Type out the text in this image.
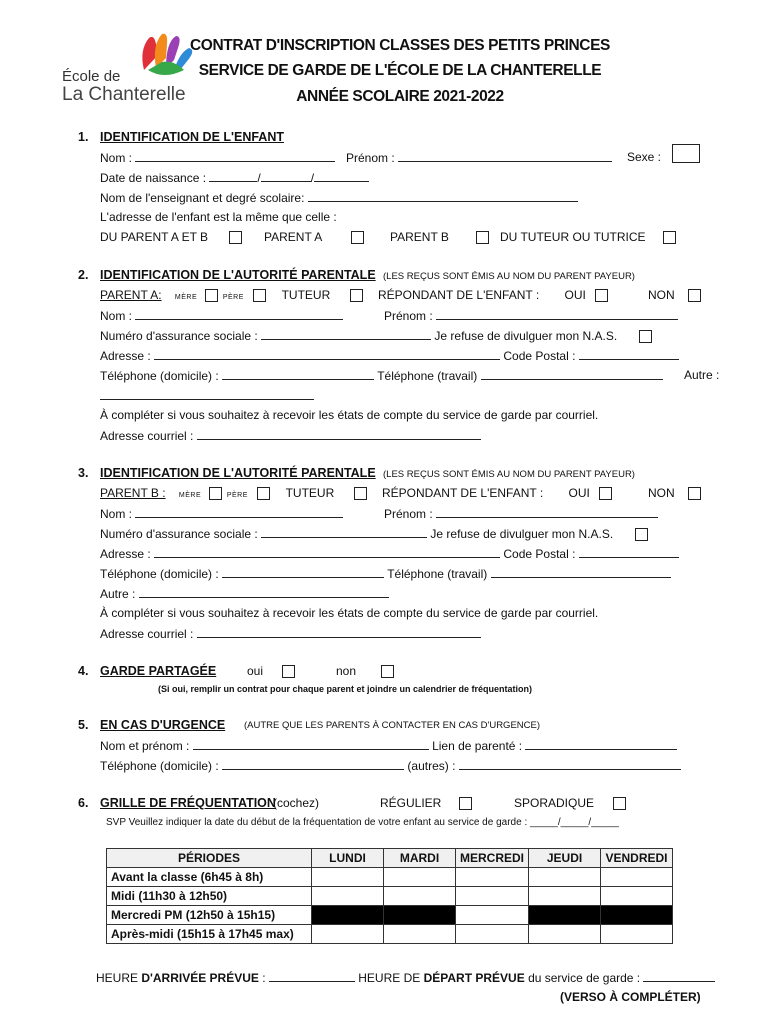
École de
La Chanterelle
CONTRAT D'INSCRIPTION CLASSES DES PETITS PRINCES
SERVICE DE GARDE DE L'ÉCOLE DE LA CHANTERELLE
ANNÉE SCOLAIRE 2021-2022
1. IDENTIFICATION DE L'ENFANT
Nom :	Prénom :	Sexe :
Date de naissance :	/	/
Nom de l'enseignant et degré scolaire:
L'adresse de l'enfant est la même que celle :
DU PARENT A ET B	PARENT A	PARENT B	DU TUTEUR OU TUTRICE
2. IDENTIFICATION DE L'AUTORITÉ PARENTALE (LES REÇUS SONT ÉMIS AU NOM DU PARENT PAYEUR)
PARENT A: MÈRE	PÈRE	TUTEUR	RÉPONDANT DE L'ENFANT : OUI	NON
Nom :	Prénom :
Numéro d'assurance sociale :	Je refuse de divulguer mon N.A.S.
Adresse :	Code Postal :
Téléphone (domicile) :	Téléphone (travail)	Autre :
À compléter si vous souhaitez à recevoir les états de compte du service de garde par courriel.
Adresse courriel :
3. IDENTIFICATION DE L'AUTORITÉ PARENTALE (LES REÇUS SONT ÉMIS AU NOM DU PARENT PAYEUR)
PARENT B : MÈRE	PÈRE	TUTEUR	RÉPONDANT DE L'ENFANT : OUI	NON
Nom :	Prénom :
Numéro d'assurance sociale :	Je refuse de divulguer mon N.A.S.
Adresse :	Code Postal :
Téléphone (domicile) :	Téléphone (travail)
Autre :
À compléter si vous souhaitez à recevoir les états de compte du service de garde par courriel.
Adresse courriel :
4. GARDE PARTAGÉE	oui	non
(Si oui, remplir un contrat pour chaque parent et joindre un calendrier de fréquentation)
5. EN CAS D'URGENCE (AUTRE QUE LES PARENTS À CONTACTER EN CAS D'URGENCE)
Nom et prénom :	Lien de parenté :
Téléphone (domicile) :	(autres) :
6. GRILLE DE FRÉQUENTATION
(cochez)	RÉGULIER	SPORADIQUE
SVP Veuillez indiquer la date du début de la fréquentation de votre enfant au service de garde : _____/_____/_____
PÉRIODES	LUNDI	MARDI	MERCREDI	JEUDI	VENDREDI
Avant la classe (6h45 à 8h)					
Midi (11h30 à 12h50)					
Mercredi PM (12h50 à 15h15)					
Après-midi (15h15 à 17h45 max)					
HEURE D'ARRIVÉE PRÉVUE :	HEURE DE DÉPART PRÉVUE du service de garde :
(VERSO À COMPLÉTER)
